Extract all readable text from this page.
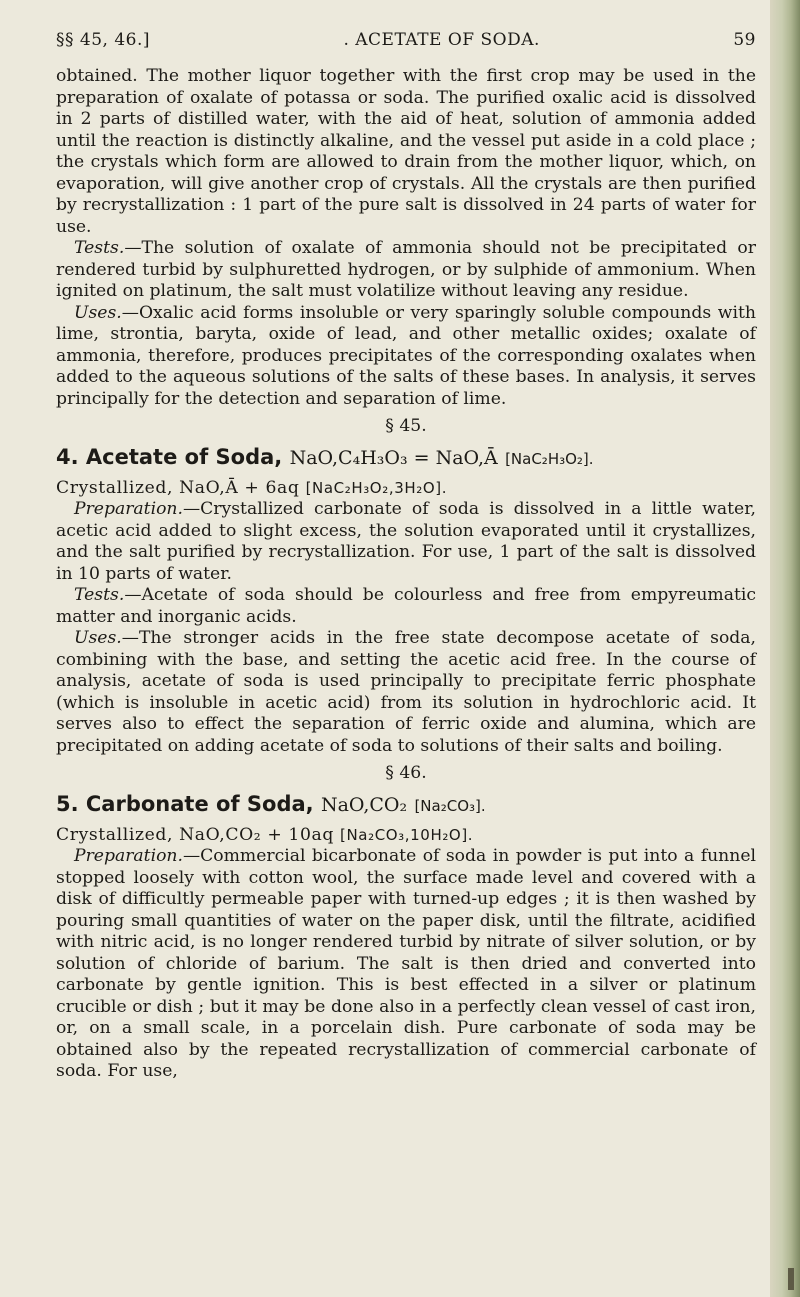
§§ 45, 46.]	. ACETATE OF SODA.	59

obtained. The mother liquor together with the first crop may be used in the preparation of oxalate of potassa or soda. The purified oxalic acid is dissolved in 2 parts of distilled water, with the aid of heat, solution of ammonia added until the reaction is distinctly alkaline, and the vessel put aside in a cold place ; the crystals which form are allowed to drain from the mother liquor, which, on evaporation, will give another crop of crystals. All the crystals are then purified by recrystallization : 1 part of the pure salt is dissolved in 24 parts of water for use.

Tests.—The solution of oxalate of ammonia should not be precipitated or rendered turbid by sulphuretted hydrogen, or by sulphide of ammonium. When ignited on platinum, the salt must volatilize without leaving any residue.

Uses.—Oxalic acid forms insoluble or very sparingly soluble compounds with lime, strontia, baryta, oxide of lead, and other metallic oxides; oxalate of ammonia, therefore, produces precipitates of the corresponding oxalates when added to the aqueous solutions of the salts of these bases. In analysis, it serves principally for the detection and separation of lime.

§ 45.

4. Acetate of Soda, NaO,C₄H₃O₃ = NaO,Ā [NaC₂H₃O₂].

Crystallized, NaO,Ā + 6aq [NaC₂H₃O₂,3H₂O].

Preparation.—Crystallized carbonate of soda is dissolved in a little water, acetic acid added to slight excess, the solution evaporated until it crystallizes, and the salt purified by recrystallization. For use, 1 part of the salt is dissolved in 10 parts of water.

Tests.—Acetate of soda should be colourless and free from empyreumatic matter and inorganic acids.

Uses.—The stronger acids in the free state decompose acetate of soda, combining with the base, and setting the acetic acid free. In the course of analysis, acetate of soda is used principally to precipitate ferric phosphate (which is insoluble in acetic acid) from its solution in hydrochloric acid. It serves also to effect the separation of ferric oxide and alumina, which are precipitated on adding acetate of soda to solutions of their salts and boiling.

§ 46.

5. Carbonate of Soda, NaO,CO₂ [Na₂CO₃].

Crystallized, NaO,CO₂ + 10aq [Na₂CO₃,10H₂O].

Preparation.—Commercial bicarbonate of soda in powder is put into a funnel stopped loosely with cotton wool, the surface made level and covered with a disk of difficultly permeable paper with turned-up edges ; it is then washed by pouring small quantities of water on the paper disk, until the filtrate, acidified with nitric acid, is no longer rendered turbid by nitrate of silver solution, or by solution of chloride of barium. The salt is then dried and converted into carbonate by gentle ignition. This is best effected in a silver or platinum crucible or dish ; but it may be done also in a perfectly clean vessel of cast iron, or, on a small scale, in a porcelain dish. Pure carbonate of soda may be obtained also by the repeated recrystallization of commercial carbonate of soda. For use,
